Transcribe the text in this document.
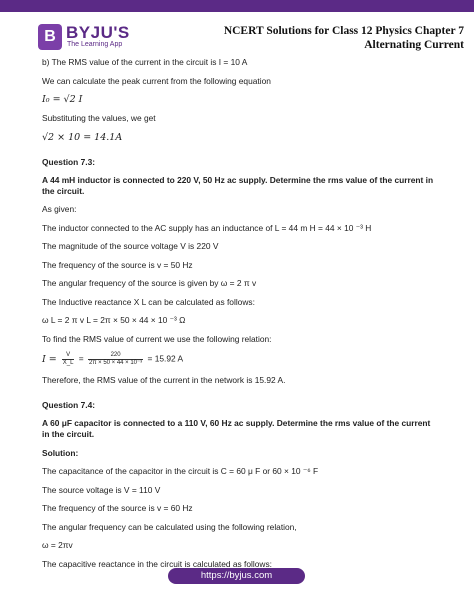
B BYJU'S
The Learning App
NCERT Solutions for Class 12 Physics Chapter 7
Alternating Current

b) The RMS value of the current in the circuit is I = 10 A

We can calculate the peak current from the following equation

I₀ = √2 I

Substituting the values, we get

√2 × 10 = 14.1A

Question 7.3:

A 44 mH inductor is connected to 220 V, 50 Hz ac supply. Determine the rms value of the current in the circuit.

As given:

The inductor connected to the AC supply has an inductance of L = 44 m H = 44 × 10 ⁻³ H

The magnitude of the source voltage V is 220 V

The frequency of the source is v = 50 Hz

The angular frequency of the source is given by ω = 2 π v

The Inductive reactance X L can be calculated as follows:

ω L = 2 π v L = 2π × 50 × 44 × 10 ⁻³ Ω

To find the RMS value of current we use the following relation:

$I = \frac{V}{X\_L} = \frac{220}{\text{2π × 50 × 44 × 10⁻³}} = 15.92$ A

Therefore, the RMS value of the current in the network is 15.92 A.

Question 7.4:

A 60 μF capacitor is connected to a 110 V, 60 Hz ac supply. Determine the rms value of the current in the circuit.

Solution:

The capacitance of the capacitor in the circuit is C = 60 μ F or 60 × 10 ⁻⁶ F

The source voltage is V = 110 V

The frequency of the source is v = 60 Hz

The angular frequency can be calculated using the following relation,

ω = 2πv

The capacitive reactance in the circuit is calculated as follows:

https://byjus.com
